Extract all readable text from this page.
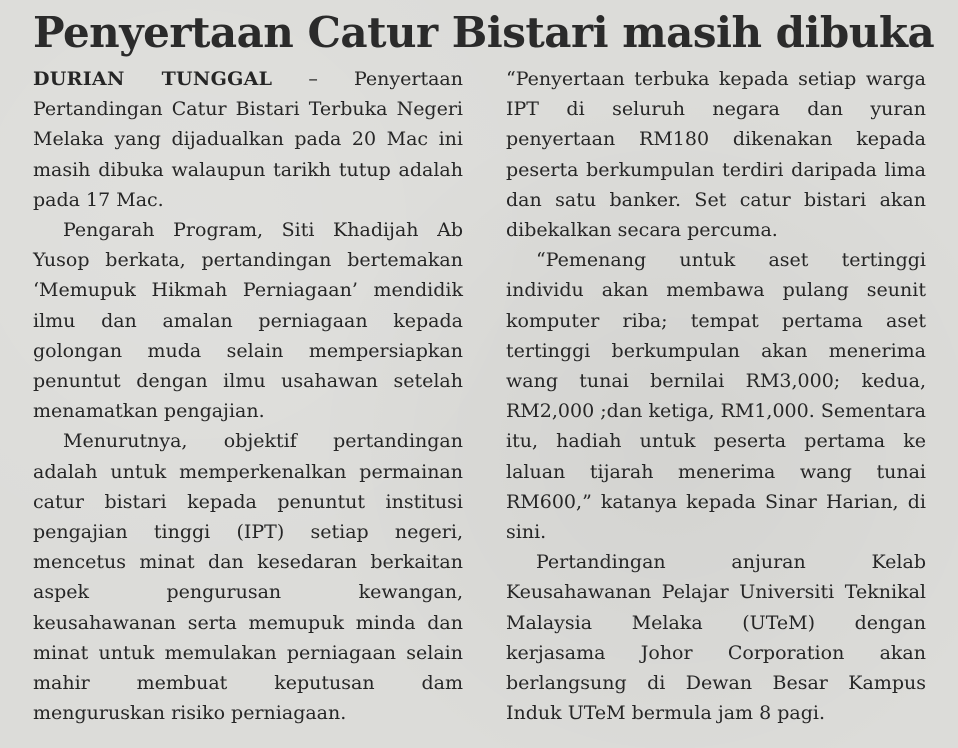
Penyertaan Catur Bistari masih dibuka

DURIAN TUNGGAL – Penyertaan Pertandingan Catur Bistari Terbuka Negeri Melaka yang dijadualkan pada 20 Mac ini masih dibuka walaupun tarikh tutup adalah pada 17 Mac.

Pengarah Program, Siti Khadijah Ab Yusop berkata, pertandingan bertemakan ‘Memupuk Hikmah Perniagaan’ mendidik ilmu dan amalan perniagaan kepada golongan muda selain mempersiapkan penuntut dengan ilmu usahawan setelah menamatkan pengajian.

Menurutnya, objektif pertandingan adalah untuk memperkenalkan permainan catur bistari kepada penuntut institusi pengajian tinggi (IPT) setiap negeri, mencetus minat dan kesedaran berkaitan aspek pengurusan kewangan, keusahawanan serta memupuk minda dan minat untuk memulakan perniagaan selain mahir membuat keputusan dam menguruskan risiko perniagaan.

“Penyertaan terbuka kepada setiap warga IPT di seluruh negara dan yuran penyertaan RM180 dikenakan kepada peserta berkumpulan terdiri daripada lima dan satu banker. Set catur bistari akan dibekalkan secara percuma.

“Pemenang untuk aset tertinggi individu akan membawa pulang seunit komputer riba; tempat pertama aset tertinggi berkumpulan akan menerima wang tunai bernilai RM3,000; kedua, RM2,000 ;dan ketiga, RM1,000. Sementara itu, hadiah untuk peserta pertama ke laluan tijarah menerima wang tunai RM600,” katanya kepada Sinar Harian, di sini.

Pertandingan anjuran Kelab Keusahawanan Pelajar Universiti Teknikal Malaysia Melaka (UTeM) dengan kerjasama Johor Corporation akan berlangsung di Dewan Besar Kampus Induk UTeM bermula jam 8 pagi.
